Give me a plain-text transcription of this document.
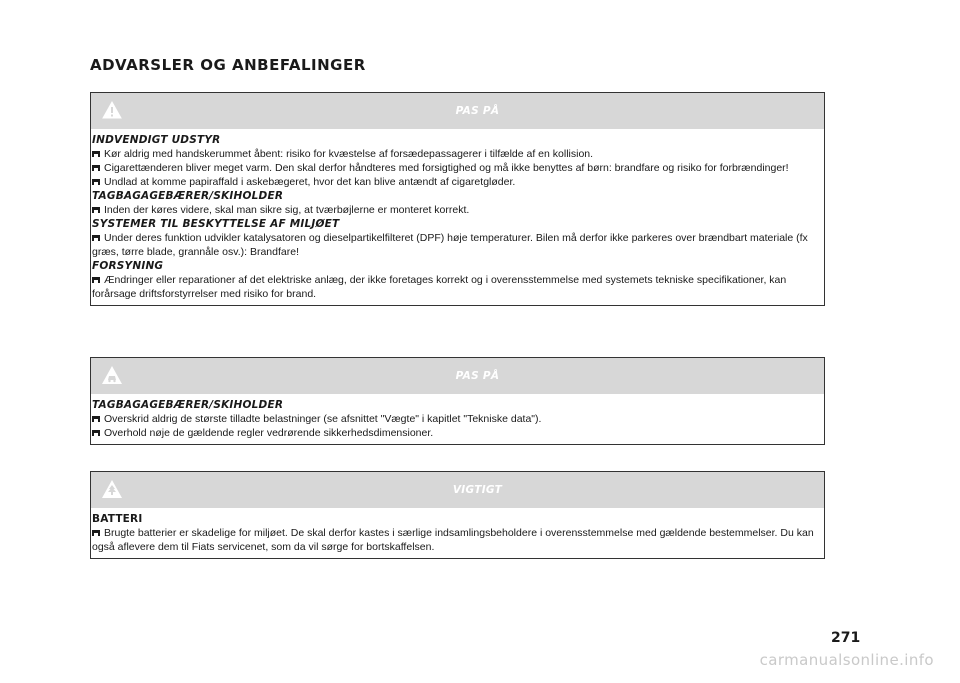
ADVARSLER OG ANBEFALINGER
PAS PÅ
INDVENDIGT UDSTYR
Kør aldrig med handskerummet åbent: risiko for kvæstelse af forsædepassagerer i tilfælde af en kollision.
Cigarettænderen bliver meget varm. Den skal derfor håndteres med forsigtighed og må ikke benyttes af børn: brandfare og risiko for forbrændinger!
Undlad at komme papiraffald i askebægeret, hvor det kan blive antændt af cigaretgløder.
TAGBAGAGEBÆRER/SKIHOLDER
Inden der køres videre, skal man sikre sig, at tværbøjlerne er monteret korrekt.
SYSTEMER TIL BESKYTTELSE AF MILJØET
Under deres funktion udvikler katalysatoren og dieselpartikelfilteret (DPF) høje temperaturer. Bilen må derfor ikke parkeres over brændbart materiale (fx græs, tørre blade, grannåle osv.): Brandfare!
FORSYNING
Ændringer eller reparationer af det elektriske anlæg, der ikke foretages korrekt og i overensstemmelse med systemets tekniske specifikationer, kan forårsage driftsforstyrrelser med risiko for brand.
PAS PÅ
TAGBAGAGEBÆRER/SKIHOLDER
Overskrid aldrig de største tilladte belastninger (se afsnittet "Vægte" i kapitlet "Tekniske data").
Overhold nøje de gældende regler vedrørende sikkerhedsdimensioner.
VIGTIGT
BATTERI
Brugte batterier er skadelige for miljøet. De skal derfor kastes i særlige indsamlingsbeholdere i overensstemmelse med gældende bestemmelser. Du kan også aflevere dem til Fiats servicenet, som da vil sørge for bortskaffelsen.
271
carmanualsonline.info
